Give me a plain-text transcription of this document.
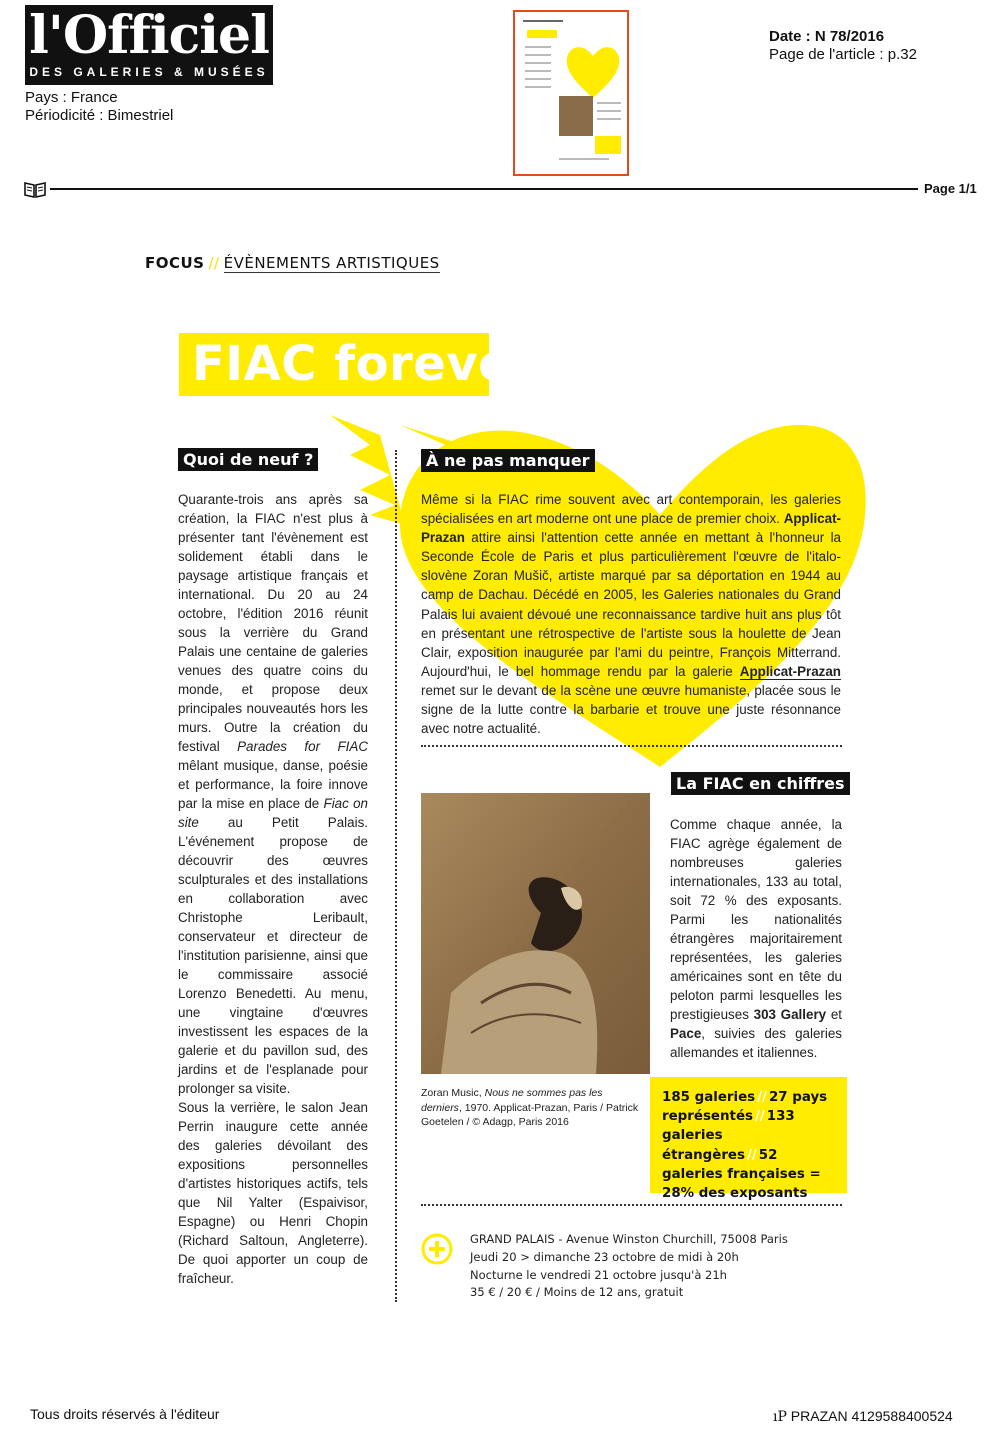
l'Officiel
DES GALERIES & MUSÉES
Pays : France
Périodicité : Bimestriel
Date : N 78/2016
Page de l'article : p.32
Page 1/1
FOCUS // ÉVÈNEMENTS ARTISTIQUES
FIAC forever
Quoi de neuf ?	À ne pas manquer
Quarante-trois ans après sa création, la FIAC n'est plus à présenter tant l'évènement est solidement établi dans le paysage artistique français et international. Du 20 au 24 octobre, l'édition 2016 réunit sous la verrière du Grand Palais une centaine de galeries venues des quatre coins du monde, et propose deux principales nouveautés hors les murs. Outre la création du festival Parades for FIAC mêlant musique, danse, poésie et performance, la foire innove par la mise en place de Fiac on site au Petit Palais. L'événement propose de découvrir des œuvres sculpturales et des installations en collaboration avec Christophe Leribault, conservateur et directeur de l'institution parisienne, ainsi que le commissaire associé Lorenzo Benedetti. Au menu, une vingtaine d'œuvres investissent les espaces de la galerie et du pavillon sud, des jardins et de l'esplanade pour prolonger sa visite.
Sous la verrière, le salon Jean Perrin inaugure cette année des galeries dévoilant des expositions personnelles d'artistes historiques actifs, tels que Nil Yalter (Espaivisor, Espagne) ou Henri Chopin (Richard Saltoun, Angleterre). De quoi apporter un coup de fraîcheur.
Même si la FIAC rime souvent avec art contemporain, les galeries spécialisées en art moderne ont une place de premier choix. Applicat-Prazan attire ainsi l'attention cette année en mettant à l'honneur la Seconde École de Paris et plus particulièrement l'œuvre de l'italo-slovène Zoran Mušič, artiste marqué par sa déportation en 1944 au camp de Dachau. Décédé en 2005, les Galeries nationales du Grand Palais lui avaient dévoué une reconnaissance tardive huit ans plus tôt en présentant une rétrospective de l'artiste sous la houlette de Jean Clair, exposition inaugurée par l'ami du peintre, François Mitterrand. Aujourd'hui, le bel hommage rendu par la galerie Applicat-Prazan remet sur le devant de la scène une œuvre humaniste, placée sous le signe de la lutte contre la barbarie et trouve une juste résonnance avec notre actualité.
La FIAC en chiffres
Zoran Music, Nous ne sommes pas les derniers, 1970. Applicat-Prazan, Paris / Patrick Goetelen / © Adagp, Paris 2016
Comme chaque année, la FIAC agrège également de nombreuses galeries internationales, 133 au total, soit 72 % des exposants. Parmi les nationalités étrangères majoritairement représentées, les galeries américaines sont en tête du peloton parmi lesquelles les prestigieuses 303 Gallery et Pace, suivies des galeries allemandes et italiennes.
185 galeries // 27 pays représentés // 133 galeries étrangères // 52 galeries françaises = 28% des exposants
GRAND PALAIS - Avenue Winston Churchill, 75008 Paris
Jeudi 20 > dimanche 23 octobre de midi à 20h
Nocturne le vendredi 21 octobre jusqu'à 21h
35 € / 20 € / Moins de 12 ans, gratuit
Tous droits réservés à l'éditeur	ıP PRAZAN 4129588400524
